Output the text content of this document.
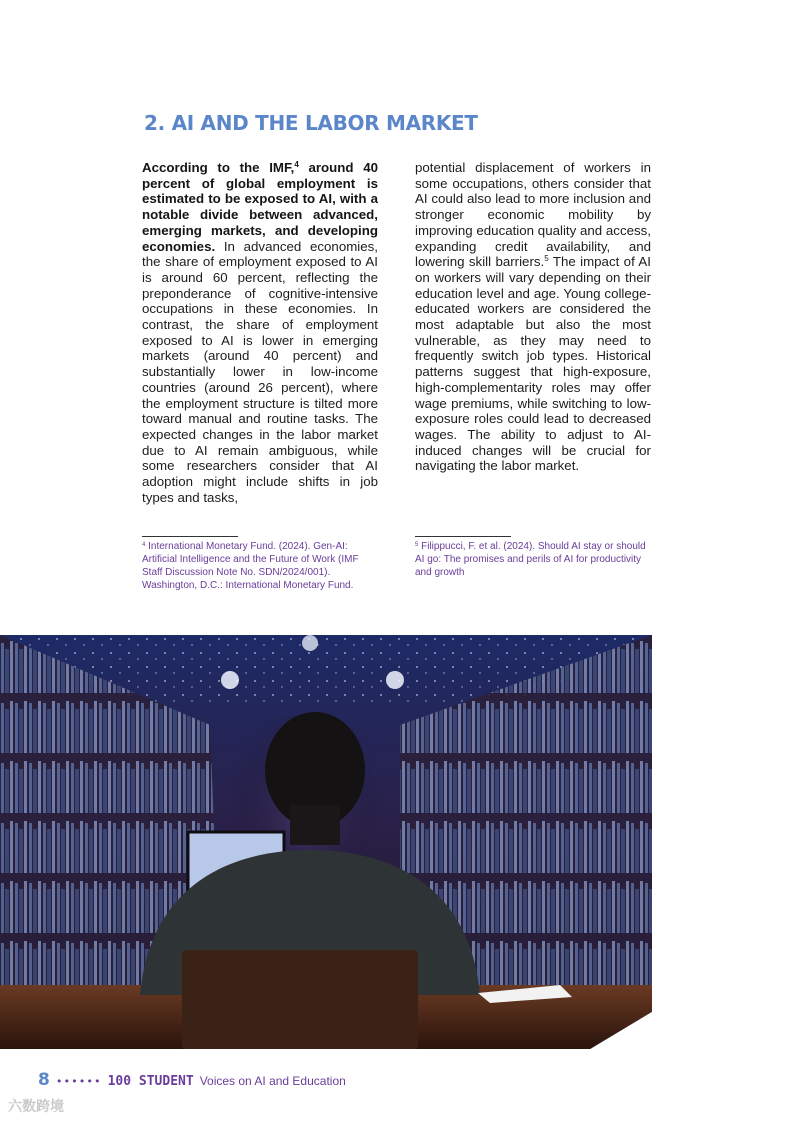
2. AI AND THE LABOR MARKET

According to the IMF,$^4$ around 40 percent of global employment is estimated to be exposed to AI, with a notable divide between advanced, emerging markets, and developing economies. In advanced economies, the share of employment exposed to AI is around 60 percent, reflecting the preponderance of cognitive-intensive occupations in these economies. In contrast, the share of employment exposed to AI is lower in emerging markets (around 40 percent) and substantially lower in low-income countries (around 26 percent), where the employment structure is tilted more toward manual and routine tasks. The expected changes in the labor market due to AI remain ambiguous, while some researchers consider that AI adoption might include shifts in job types and tasks,

potential displacement of workers in some occupations, others consider that AI could also lead to more inclusion and stronger economic mobility by improving education quality and access, expanding credit availability, and lowering skill barriers.$^5$ The impact of AI on workers will vary depending on their education level and age. Young college-educated workers are considered the most adaptable but also the most vulnerable, as they may need to frequently switch job types. Historical patterns suggest that high-exposure, high-complementarity roles may offer wage premiums, while switching to low-exposure roles could lead to decreased wages. The ability to adjust to AI-induced changes will be crucial for navigating the labor market.

$^4$ International Monetary Fund. (2024). Gen-AI: Artificial Intelligence and the Future of Work (IMF Staff Discussion Note No. SDN/2024/001). Washington, D.C.: International Monetary Fund.

$^5$ Filippucci, F. et al. (2024). Should AI stay or should AI go: The promises and perils of AI for productivity and growth

8 •••••• 100 STUDENT Voices on AI and Education
六数跨境
